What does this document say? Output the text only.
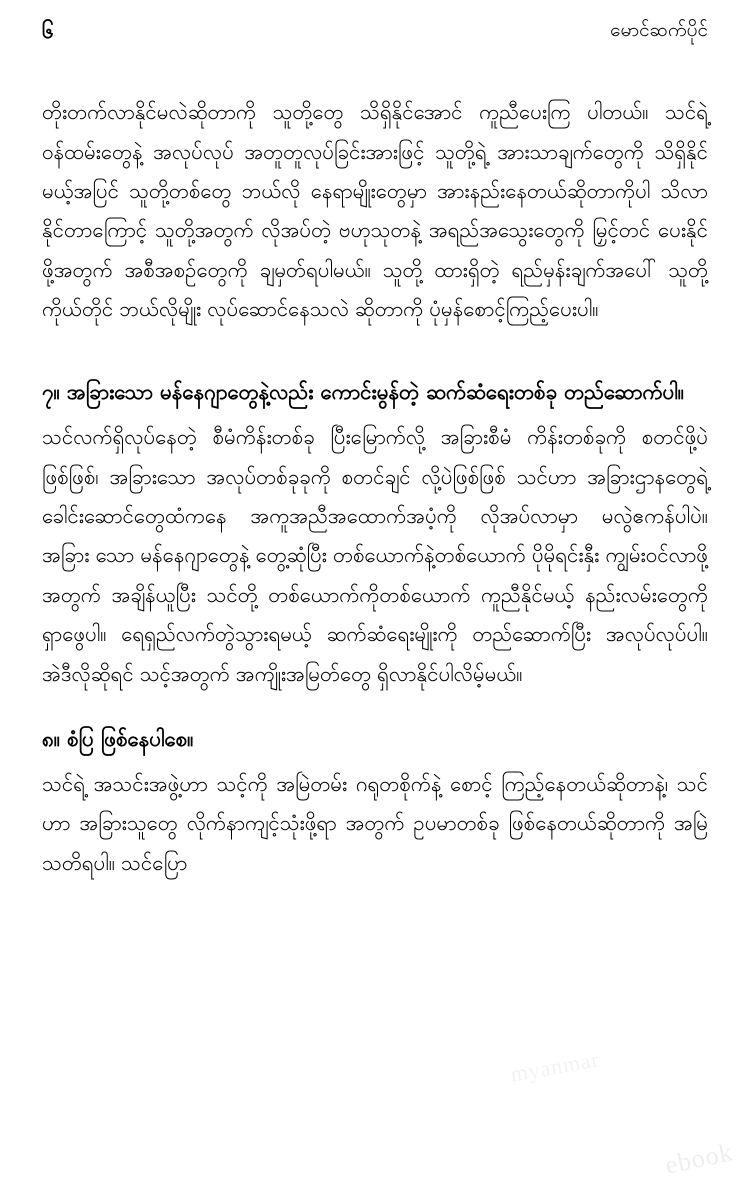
၆	မောင်ဆက်ပိုင်

တိုးတက်လာနိုင်မလဲဆိုတာကို သူတို့တွေ သိရှိနိုင်အောင် ကူညီပေးကြ ပါတယ်။ သင်ရဲ့ဝန်ထမ်းတွေနဲ့ အလုပ်လုပ် အတူတူလုပ်ခြင်းအားဖြင့် သူတို့ရဲ့ အားသာချက်တွေကို သိရှိနိုင်မယ့်အပြင် သူတို့တစ်တွေ ဘယ်လို နေရာမျိုးတွေမှာ အားနည်းနေတယ်ဆိုတာကိုပါ သိလာနိုင်တာကြောင့် သူတို့အတွက် လိုအပ်တဲ့ ဗဟုသုတနဲ့ အရည်အသွေးတွေကို မြှင့်တင် ပေးနိုင်ဖို့အတွက် အစီအစဉ်တွေကို ချမှတ်ရပါမယ်။ သူတို့ ထားရှိတဲ့ ရည်မှန်းချက်အပေါ် သူတို့ကိုယ်တိုင် ဘယ်လိုမျိုး လုပ်ဆောင်နေသလဲ ဆိုတာကို ပုံမှန်စောင့်ကြည့်ပေးပါ။

၇။ အခြားသော မန်နေဂျာတွေနဲ့လည်း ကောင်းမွန်တဲ့ ဆက်ဆံရေးတစ်ခု တည်ဆောက်ပါ။

သင်လက်ရှိလုပ်နေတဲ့ စီမံကိန်းတစ်ခု ပြီးမြောက်လို့ အခြားစီမံ ကိန်းတစ်ခုကို စတင်ဖို့ပဲဖြစ်ဖြစ်၊ အခြားသော အလုပ်တစ်ခုခုကို စတင်ချင် လို့ပဲဖြစ်ဖြစ် သင်ဟာ အခြားဌာနတွေရဲ့ ခေါင်းဆောင်တွေထံကနေ အကူအညီအထောက်အပံ့ကို လိုအပ်လာမှာ မလွဲဧကန်ပါပဲ။ အခြား သော မန်နေဂျာတွေနဲ့ တွေ့ဆုံပြီး တစ်ယောက်နဲ့တစ်ယောက် ပိုမိုရင်းနှီး ကျွမ်းဝင်လာဖို့အတွက် အချိန်ယူပြီး သင်တို့ တစ်ယောက်ကိုတစ်ယောက် ကူညီနိုင်မယ့် နည်းလမ်းတွေကို ရှာဖွေပါ။ ရေရှည်လက်တွဲသွားရမယ့် ဆက်ဆံရေးမျိုးကို တည်ဆောက်ပြီး အလုပ်လုပ်ပါ။ အဲဒီလိုဆိုရင် သင့်အတွက် အကျိုးအမြတ်တွေ ရှိလာနိုင်ပါလိမ့်မယ်။

၈။ စံပြ ဖြစ်နေပါစေ။

သင်ရဲ့ အသင်းအဖွဲ့ဟာ သင့်ကို အမြဲတမ်း ဂရုတစိုက်နဲ့ စောင့် ကြည့်နေတယ်ဆိုတာနဲ့၊ သင်ဟာ အခြားသူတွေ လိုက်နာကျင့်သုံးဖို့ရာ အတွက် ဥပမာတစ်ခု ဖြစ်နေတယ်ဆိုတာကို အမြဲသတိရပါ။ သင်ပြော

myanmar
ebook
